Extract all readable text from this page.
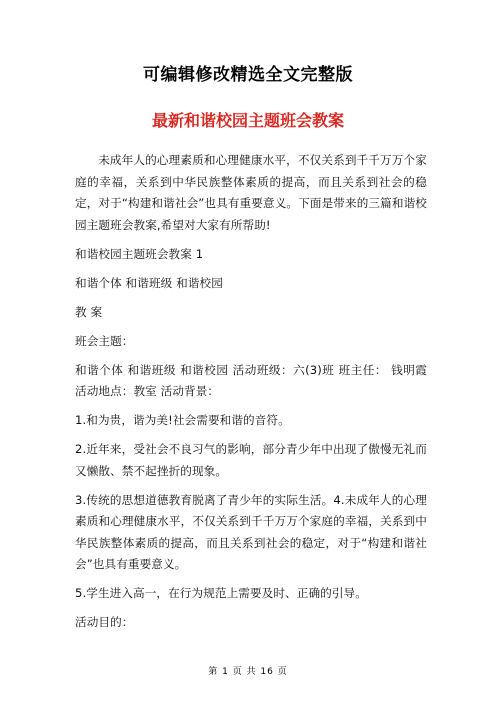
可编辑修改精选全文完整版
最新和谐校园主题班会教案

未成年人的心理素质和心理健康水平，不仅关系到千千万万个家庭的幸福，关系到中华民族整体素质的提高，而且关系到社会的稳定，对于“构建和谐社会”也具有重要意义。下面是带来的三篇和谐校园主题班会教案,希望对大家有所帮助!

和谐校园主题班会教案 1

和谐个体 和谐班级 和谐校园

教 案

班会主题：

和谐个体 和谐班级 和谐校园 活动班级：六(3)班 班主任： 钱明霞 活动地点：教室 活动背景：

1.和为贵，谐为美!社会需要和谐的音符。

2.近年来，受社会不良习气的影响，部分青少年中出现了傲慢无礼而又懒散、禁不起挫折的现象。

3.传统的思想道德教育脱离了青少年的实际生活。4.未成年人的心理素质和心理健康水平，不仅关系到千千万万个家庭的幸福，关系到中华民族整体素质的提高，而且关系到社会的稳定，对于“构建和谐社会”也具有重要意义。

5.学生进入高一，在行为规范上需要及时、正确的引导。

活动目的：

第 1 页 共 16 页
